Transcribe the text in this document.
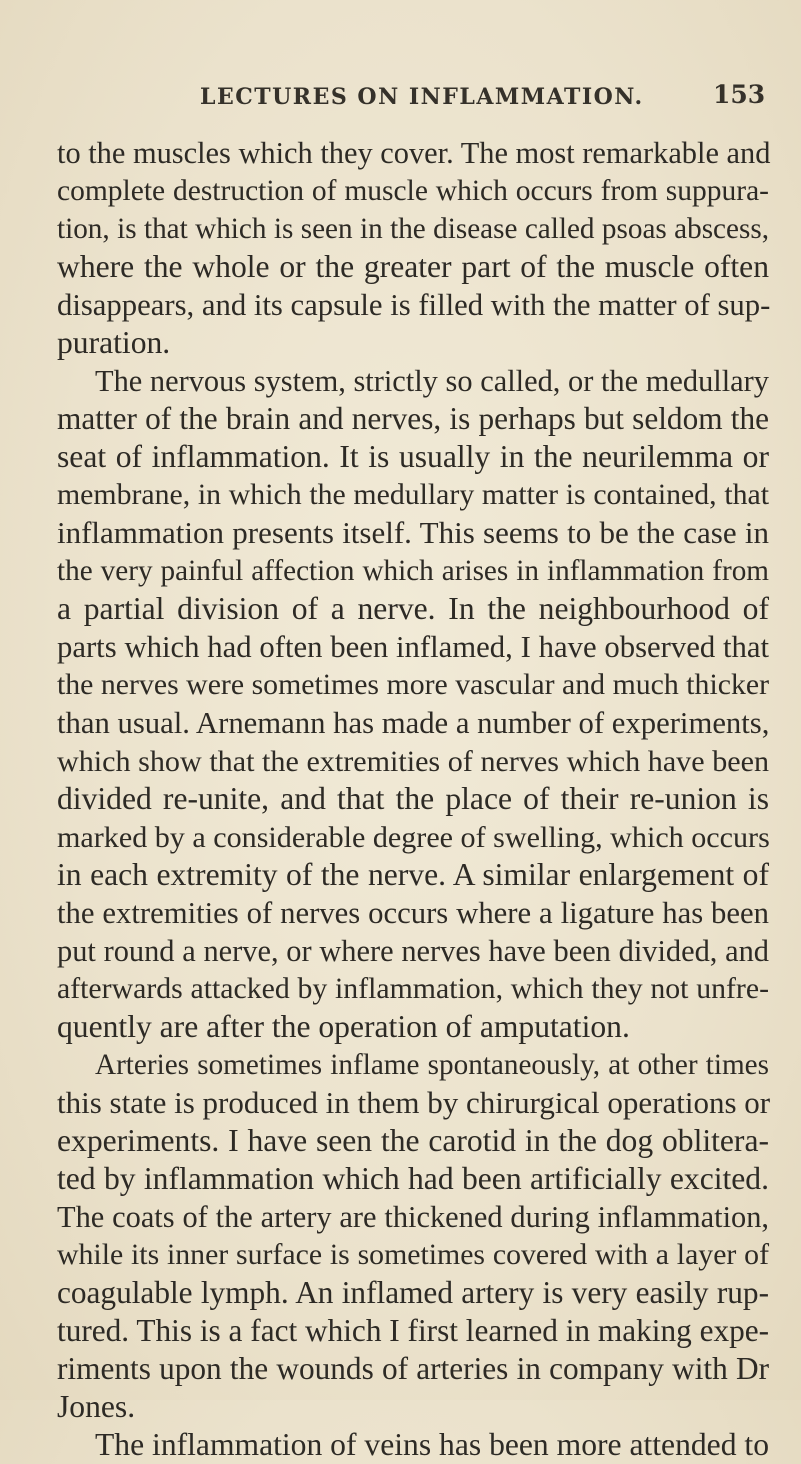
LECTURES ON INFLAMMATION.	153
to the muscles which they cover. The most remarkable and
complete destruction of muscle which occurs from suppura-
tion, is that which is seen in the disease called psoas abscess,
where the whole or the greater part of the muscle often
disappears, and its capsule is filled with the matter of sup-
puration.
The nervous system, strictly so called, or the medullary
matter of the brain and nerves, is perhaps but seldom the
seat of inflammation. It is usually in the neurilemma or
membrane, in which the medullary matter is contained, that
inflammation presents itself. This seems to be the case in
the very painful affection which arises in inflammation from
a partial division of a nerve. In the neighbourhood of
parts which had often been inflamed, I have observed that
the nerves were sometimes more vascular and much thicker
than usual. Arnemann has made a number of experiments,
which show that the extremities of nerves which have been
divided re-unite, and that the place of their re-union is
marked by a considerable degree of swelling, which occurs
in each extremity of the nerve. A similar enlargement of
the extremities of nerves occurs where a ligature has been
put round a nerve, or where nerves have been divided, and
afterwards attacked by inflammation, which they not unfre-
quently are after the operation of amputation.
Arteries sometimes inflame spontaneously, at other times
this state is produced in them by chirurgical operations or
experiments. I have seen the carotid in the dog oblitera-
ted by inflammation which had been artificially excited.
The coats of the artery are thickened during inflammation,
while its inner surface is sometimes covered with a layer of
coagulable lymph. An inflamed artery is very easily rup-
tured. This is a fact which I first learned in making expe-
riments upon the wounds of arteries in company with Dr
Jones.
The inflammation of veins has been more attended to
